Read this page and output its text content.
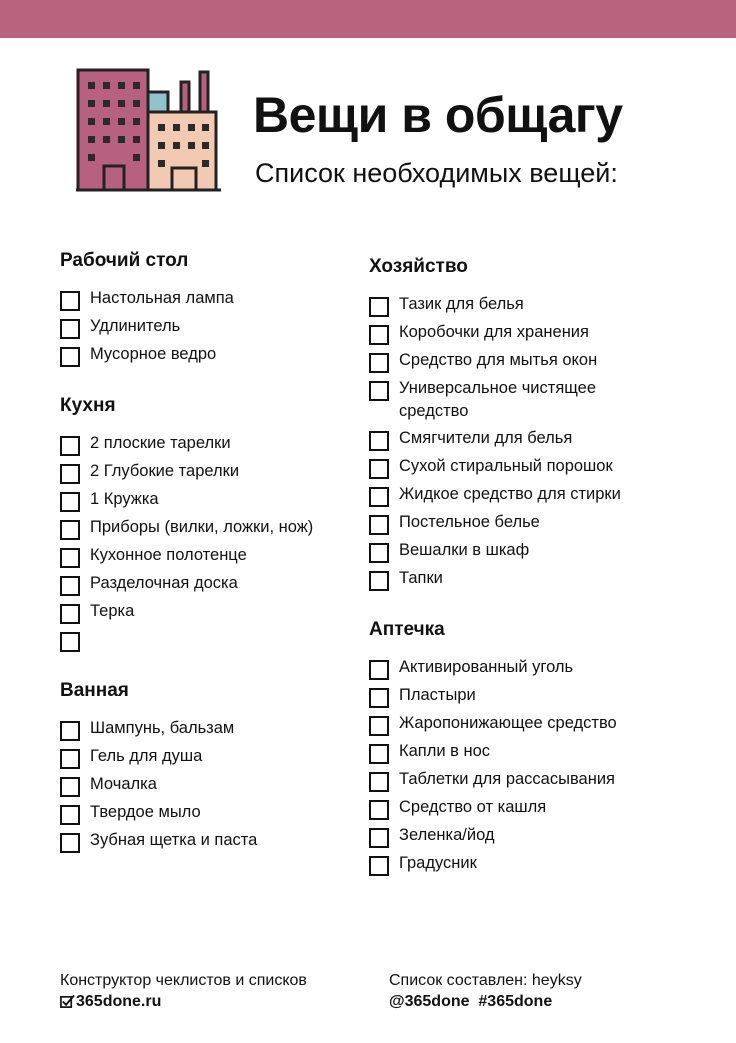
Вещи в общагу
Список необходимых вещей:
Рабочий стол
Настольная лампа
Удлинитель
Мусорное ведро
Кухня
2 плоские тарелки
2 Глубокие тарелки
1 Кружка
Приборы (вилки, ложки, нож)
Кухонное полотенце
Разделочная доска
Терка
Ванная
Шампунь, бальзам
Гель для душа
Мочалка
Твердое мыло
Зубная щетка и паста
Хозяйство
Тазик для белья
Коробочки для хранения
Средство для мытья окон
Универсальное чистящее средство
Смягчители для белья
Сухой стиральный порошок
Жидкое средство для стирки
Постельное белье
Вешалки в шкаф
Тапки
Аптечка
Активированный уголь
Пластыри
Жаропонижающее средство
Капли в нос
Таблетки для рассасывания
Средство от кашля
Зеленка/йод
Градусник
Конструктор чеклистов и списков
365done.ru
Список составлен: heyksy
@365done  #365done
